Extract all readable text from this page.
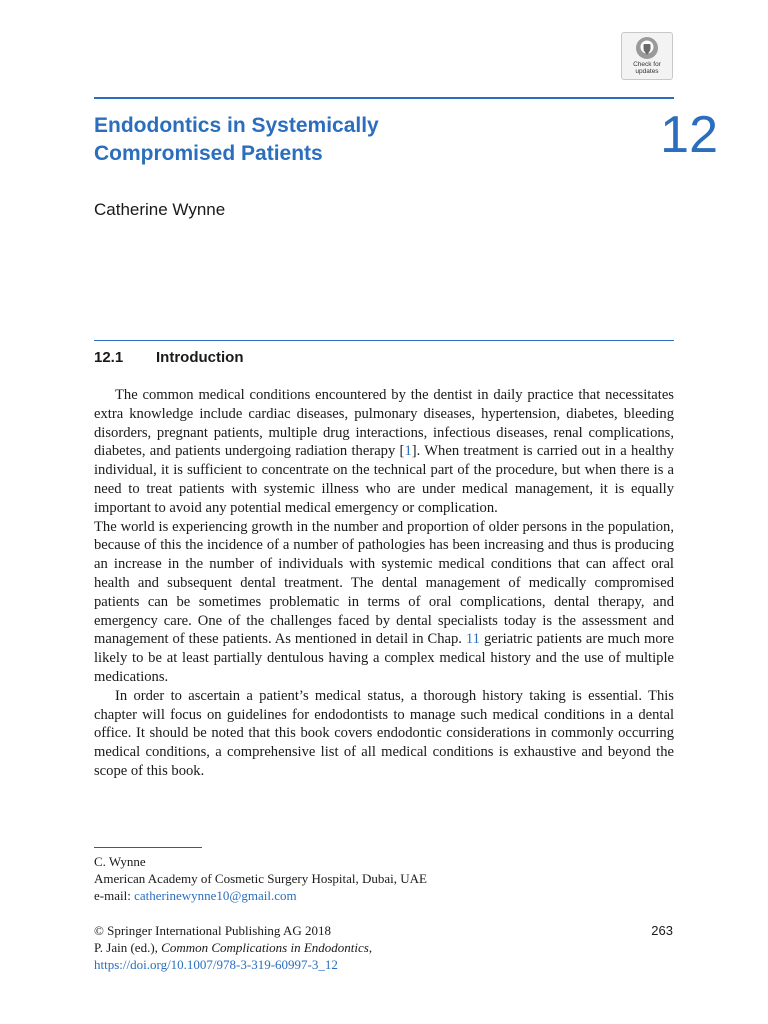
Check for
updates
Endodontics in Systemically
Compromised Patients	12
Catherine Wynne
12.1 Introduction

The common medical conditions encountered by the dentist in daily practice that necessitates extra knowledge include cardiac diseases, pulmonary diseases, hypertension, diabetes, bleeding disorders, pregnant patients, multiple drug interactions, infectious diseases, renal complications, diabetes, and patients undergoing radiation therapy [1]. When treatment is carried out in a healthy individual, it is sufficient to concentrate on the technical part of the procedure, but when there is a need to treat patients with systemic illness who are under medical management, it is equally important to avoid any potential medical emergency or complication.

The world is experiencing growth in the number and proportion of older persons in the population, because of this the incidence of a number of pathologies has been increasing and thus is producing an increase in the number of individuals with systemic medical conditions that can affect oral health and subsequent dental treatment. The dental management of medically compromised patients can be sometimes problematic in terms of oral complications, dental therapy, and emergency care. One of the challenges faced by dental specialists today is the assessment and management of these patients. As mentioned in detail in Chap. 11 geriatric patients are much more likely to be at least partially dentulous having a complex medical history and the use of multiple medications.

In order to ascertain a patient’s medical status, a thorough history taking is essential. This chapter will focus on guidelines for endodontists to manage such medical conditions in a dental office. It should be noted that this book covers endodontic considerations in commonly occurring medical conditions, a comprehensive list of all medical conditions is exhaustive and beyond the scope of this book.

C. Wynne
American Academy of Cosmetic Surgery Hospital, Dubai, UAE
e-mail: catherinewynne10@gmail.com
© Springer International Publishing AG 2018
P. Jain (ed.), Common Complications in Endodontics,
https://doi.org/10.1007/978-3-319-60997-3_12
263
